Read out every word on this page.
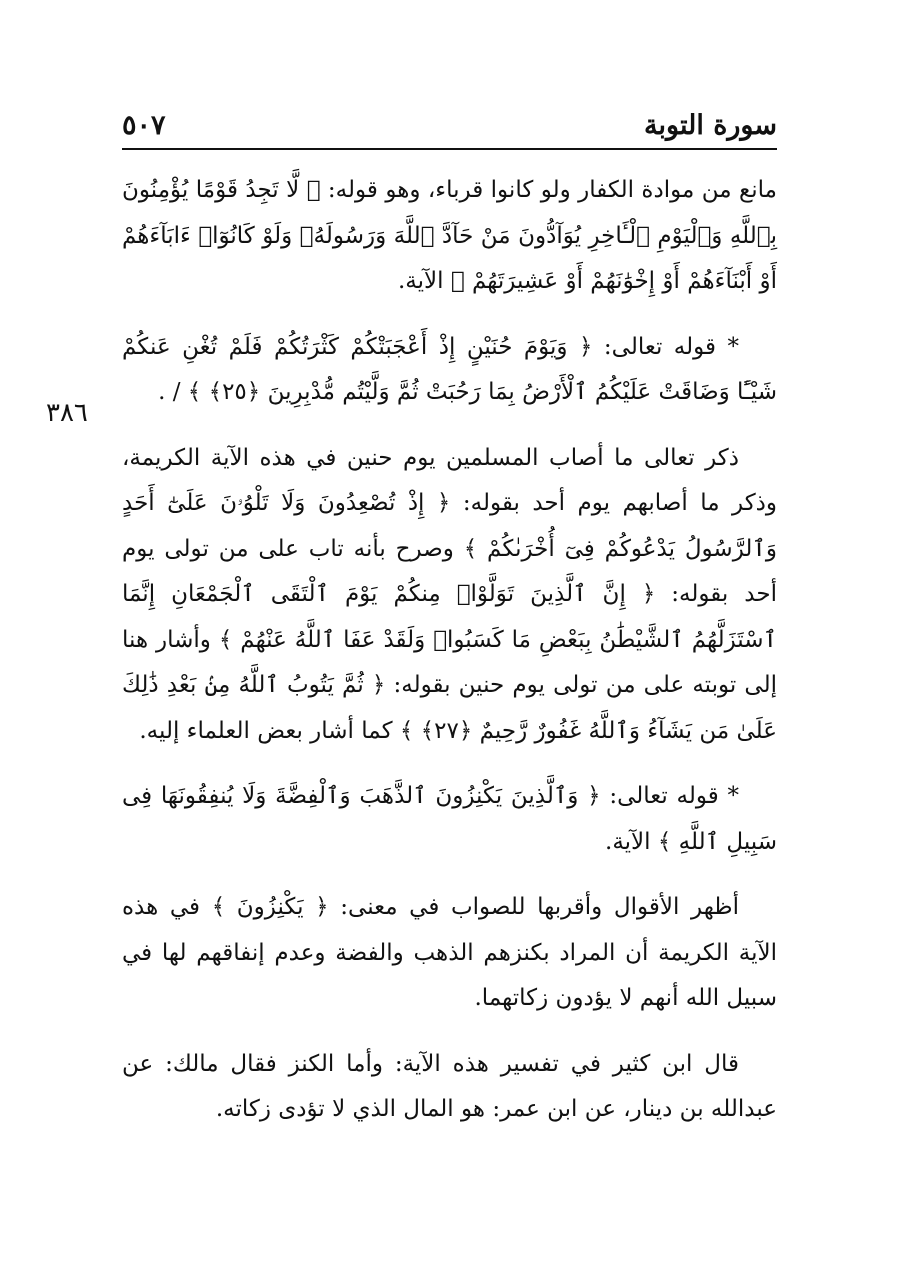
سورة التوبة
٥٠٧
٣٨٦

مانع من موادة الكفار ولو كانوا قرباء، وهو قوله: ﴿ لَّا تَجِدُ قَوْمًا يُؤْمِنُونَ بِٱللَّهِ وَٱلْيَوْمِ ٱلْـَٔاخِرِ يُوَآدُّونَ مَنْ حَآدَّ ٱللَّهَ وَرَسُولَهُۥ وَلَوْ كَانُوٓا۟ ءَابَآءَهُمْ أَوْ أَبْنَآءَهُمْ أَوْ إِخْوَٰنَهُمْ أَوْ عَشِيرَتَهُمْ ﴾ الآية.

* قوله تعالى: ﴿ وَيَوْمَ حُنَيْنٍ إِذْ أَعْجَبَتْكُمْ كَثْرَتُكُمْ فَلَمْ تُغْنِ عَنكُمْ شَيْـًٔا وَضَاقَتْ عَلَيْكُمُ ٱلْأَرْضُ بِمَا رَحُبَتْ ثُمَّ وَلَّيْتُم مُّدْبِرِينَ ﴿٢٥﴾ ﴾ / .

ذكر تعالى ما أصاب المسلمين يوم حنين في هذه الآية الكريمة، وذكر ما أصابهم يوم أحد بقوله: ﴿ إِذْ تُصْعِدُونَ وَلَا تَلْوُۥنَ عَلَىٰٓ أَحَدٍ وَٱلرَّسُولُ يَدْعُوكُمْ فِىٓ أُخْرَىٰكُمْ ﴾ وصرح بأنه تاب على من تولى يوم أحد بقوله: ﴿ إِنَّ ٱلَّذِينَ تَوَلَّوْا۟ مِنكُمْ يَوْمَ ٱلْتَقَى ٱلْجَمْعَانِ إِنَّمَا ٱسْتَزَلَّهُمُ ٱلشَّيْطَٰنُ بِبَعْضِ مَا كَسَبُوا۟ وَلَقَدْ عَفَا ٱللَّهُ عَنْهُمْ ﴾ وأشار هنا إلى توبته على من تولى يوم حنين بقوله: ﴿ ثُمَّ يَتُوبُ ٱللَّهُ مِنۢ بَعْدِ ذَٰلِكَ عَلَىٰ مَن يَشَآءُ وَٱللَّهُ غَفُورٌ رَّحِيمٌ ﴿٢٧﴾ ﴾ كما أشار بعض العلماء إليه.

* قوله تعالى: ﴿ وَٱلَّذِينَ يَكْنِزُونَ ٱلذَّهَبَ وَٱلْفِضَّةَ وَلَا يُنفِقُونَهَا فِى سَبِيلِ ٱللَّهِ ﴾ الآية.

أظهر الأقوال وأقربها للصواب في معنى: ﴿ يَكْنِزُونَ ﴾ في هذه الآية الكريمة أن المراد بكنزهم الذهب والفضة وعدم إنفاقهم لها في سبيل الله أنهم لا يؤدون زكاتهما.

قال ابن كثير في تفسير هذه الآية: وأما الكنز فقال مالك: عن عبدالله بن دينار، عن ابن عمر: هو المال الذي لا تؤدى زكاته.
